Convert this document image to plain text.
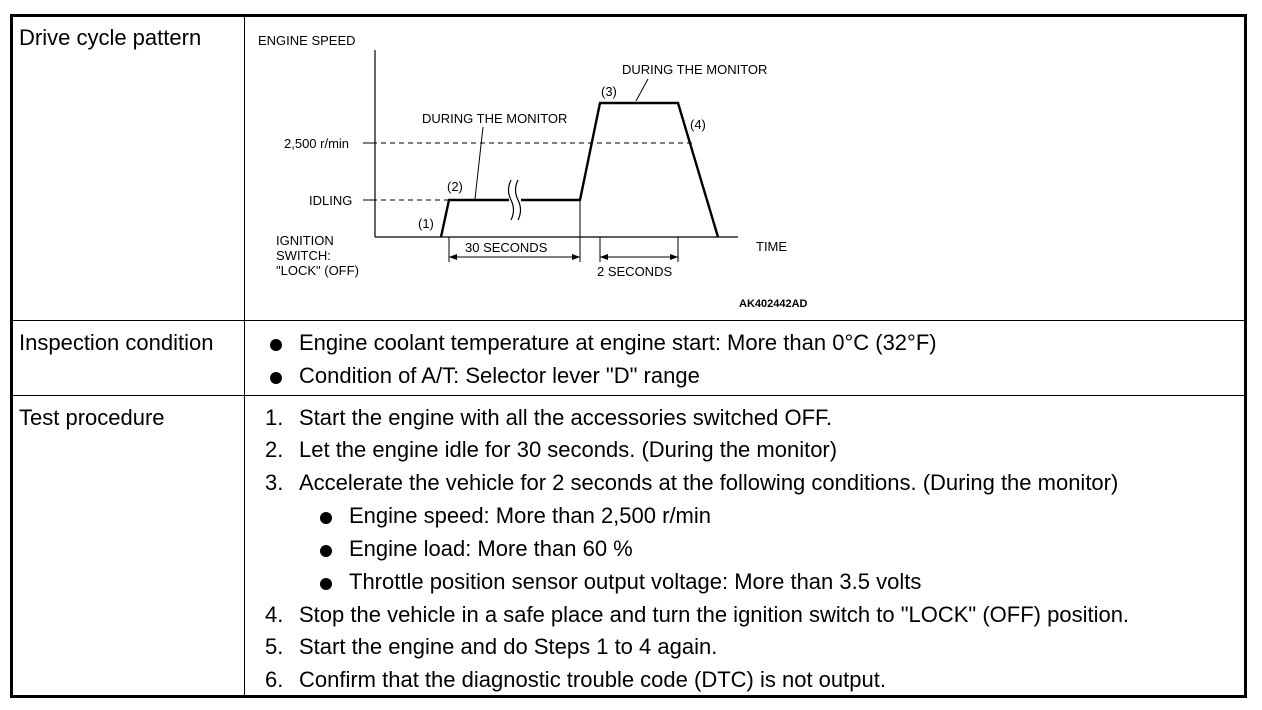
Drive cycle pattern	ENGINE SPEED
TIME
2,500 r/min
IDLING
IGNITION
SWITCH:
"LOCK" (OFF)
DURING THE MONITOR
DURING THE MONITOR
(1)
(2)
(3)
(4)
30 SECONDS
2 SECONDS
AK402442AD
Inspection condition	Engine coolant temperature at engine start: More than 0°C (32°F)
Condition of A/T: Selector lever "D" range
Test procedure	1. Start the engine with all the accessories switched OFF.
2. Let the engine idle for 30 seconds. (During the monitor)
3. Accelerate the vehicle for 2 seconds at the following conditions. (During the monitor)
Engine speed: More than 2,500 r/min
Engine load: More than 60 %
Throttle position sensor output voltage: More than 3.5 volts
4. Stop the vehicle in a safe place and turn the ignition switch to "LOCK" (OFF) position.
5. Start the engine and do Steps 1 to 4 again.
6. Confirm that the diagnostic trouble code (DTC) is not output.
